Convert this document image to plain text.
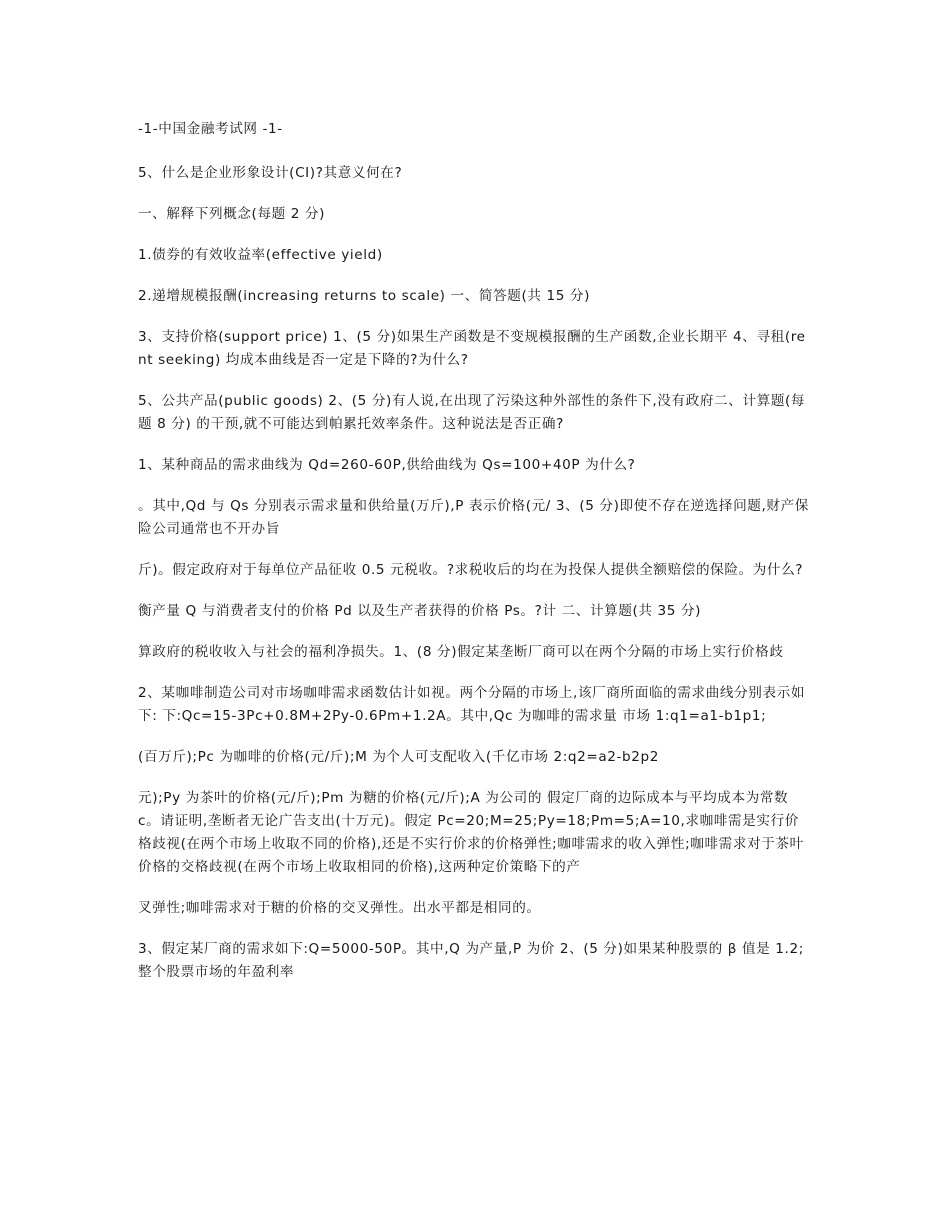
-1-中国金融考试网 -1-

5、什么是企业形象设计(CI)?其意义何在?

一、解释下列概念(每题 2 分)

1.债券的有效收益率(effective yield)

2.递增规模报酬(increasing returns to scale) 一、简答题(共 15 分)

3、支持价格(support price) 1、(5 分)如果生产函数是不变规模报酬的生产函数,企业长期平 4、寻租(rent seeking) 均成本曲线是否一定是下降的?为什么?

5、公共产品(public goods) 2、(5 分)有人说,在出现了污染这种外部性的条件下,没有政府二、计算题(每题 8 分) 的干预,就不可能达到帕累托效率条件。这种说法是否正确?

1、某种商品的需求曲线为 Qd=260-60P,供给曲线为 Qs=100+40P 为什么?

。其中,Qd 与 Qs 分别表示需求量和供给量(万斤),P 表示价格(元/ 3、(5 分)即使不存在逆选择问题,财产保险公司通常也不开办旨

斤)。假定政府对于每单位产品征收 0.5 元税收。?求税收后的均在为投保人提供全额赔偿的保险。为什么?

衡产量 Q 与消费者支付的价格 Pd 以及生产者获得的价格 Ps。?计 二、计算题(共 35 分)

算政府的税收收入与社会的福利净损失。1、(8 分)假定某垄断厂商可以在两个分隔的市场上实行价格歧

2、某咖啡制造公司对市场咖啡需求函数估计如视。两个分隔的市场上,该厂商所面临的需求曲线分别表示如下: 下:Qc=15-3Pc+0.8M+2Py-0.6Pm+1.2A。其中,Qc 为咖啡的需求量 市场 1:q1=a1-b1p1;

(百万斤);Pc 为咖啡的价格(元/斤);M 为个人可支配收入(千亿市场 2:q2=a2-b2p2

元);Py 为茶叶的价格(元/斤);Pm 为糖的价格(元/斤);A 为公司的 假定厂商的边际成本与平均成本为常数 c。请证明,垄断者无论广告支出(十万元)。假定 Pc=20;M=25;Py=18;Pm=5;A=10,求咖啡需是实行价格歧视(在两个市场上收取不同的价格),还是不实行价求的价格弹性;咖啡需求的收入弹性;咖啡需求对于茶叶价格的交格歧视(在两个市场上收取相同的价格),这两种定价策略下的产

叉弹性;咖啡需求对于糖的价格的交叉弹性。出水平都是相同的。

3、假定某厂商的需求如下:Q=5000-50P。其中,Q 为产量,P 为价 2、(5 分)如果某种股票的 β 值是 1.2;整个股票市场的年盈利率
